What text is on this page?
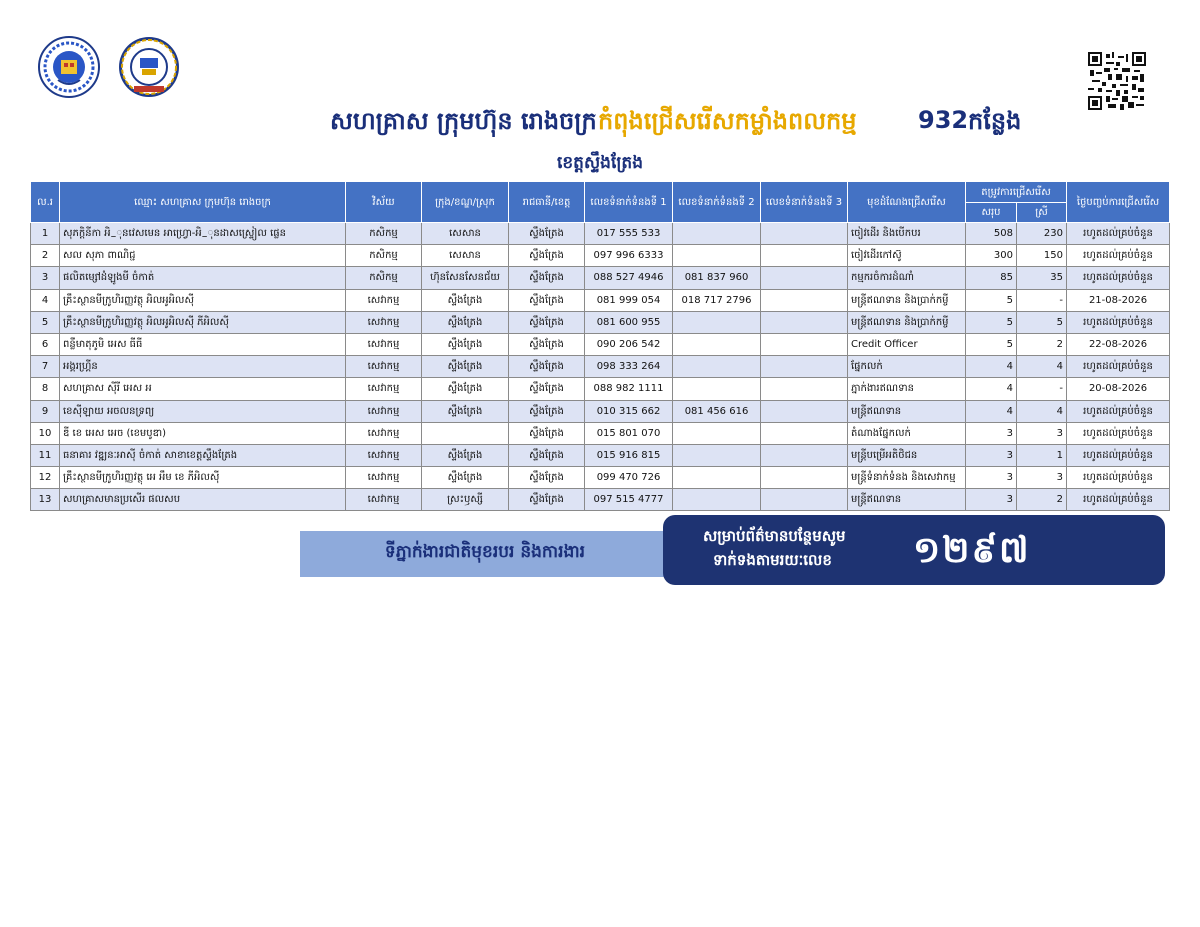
សហគ្រាស ក្រុមហ៊ុន រោងចក្រ កំពុងជ្រើសរើសកម្លាំងពលកម្ម	932 កន្លែង
ខេត្តស្ទឹងត្រែង
ល.រ	ឈ្មោះ សហគ្រាស ក្រុមហ៊ុន រោងចក្រ	វិស័យ	ក្រុង/ខណ្ឌ/ស្រុក	រាជធានី/ខេត្ត	លេខទំនាក់ទំនងទី 1	លេខទំនាក់ទំនងទី 2	លេខទំនាក់ទំនងទី 3	មុខដំណែងជ្រើសរើស	តម្រូវការជ្រើសរើស		ថ្ងៃបញ្ចប់ការជ្រើសរើស
									សរុប	ស្រី	
1	សុភក្តិនីកា អិ_ុនវេសមេន អាហ្វ្រោ-អិ_ុនដាសស្ទ្រៀល ផ្លេន	កសិកម្ម	សេសាន	ស្ទឹងត្រែង	017 555 533			ចៀវដើរ និងបើកបរ	508	230	រហូតដល់គ្រប់ចំនួន
2	សល សុភា ពាណិជ្ជ	កសិកម្ម	សេសាន	ស្ទឹងត្រែង	097 996 6333			ចៀវដើរកៅស៊ូ	300	150	រហូតដល់គ្រប់ចំនួន
3	ផលិតម្សៅដំឡូងមី ចំកាត់	កសិកម្ម	ហ៊ុនសែនសែនជ័យ	ស្ទឹងត្រែង	088 527 4946	081 837 960		កម្មករចំការដំណាំ	85	35	រហូតដល់គ្រប់ចំនួន
4	គ្រឹះស្ថានមីក្រូហិរញ្ញវត្ថុ អិលអូអិលស៊ី	សេវាកម្ម	ស្ទឹងត្រែង	ស្ទឹងត្រែង	081 999 054	018 717 2796		មន្ត្រីឥណទាន និងប្រាក់កម្ចី	5	-	21-08-2026
5	គ្រឹះស្ថានមីក្រូហិរញ្ញវត្ថុ អិលអូអិលស៊ី ភីអិលស៊ី	សេវាកម្ម	ស្ទឹងត្រែង	ស្ទឹងត្រែង	081 600 955			មន្ត្រីឥណទាន និងប្រាក់កម្ចី	5	5	រហូតដល់គ្រប់ចំនួន
6	ពន្លឺមាតុភូមិ អេស ធីធី	សេវាកម្ម	ស្ទឹងត្រែង	ស្ទឹងត្រែង	090 206 542			Credit Officer	5	2	22-08-2026
7	អង្គរហ្គ្រីន	សេវាកម្ម	ស្ទឹងត្រែង	ស្ទឹងត្រែង	098 333 264			ផ្នែកលក់	4	4	រហូតដល់គ្រប់ចំនួន
8	សហគ្រាស ស៊ីរី អេស អ	សេវាកម្ម	ស្ទឹងត្រែង	ស្ទឹងត្រែង	088 982 1111			ភ្នាក់ងារឥណទាន	4	-	20-08-2026
9	ខេស៊ីឡាយ អចលនទ្រព្យ	សេវាកម្ម	ស្ទឹងត្រែង	ស្ទឹងត្រែង	010 315 662	081 456 616		មន្ត្រីឥណទាន	4	4	រហូតដល់គ្រប់ចំនួន
10	ឌី ខេ អេស អេច (ខេមបូឌា)	សេវាកម្ម		ស្ទឹងត្រែង	015 801 070			តំណាងផ្នែកលក់	3	3	រហូតដល់គ្រប់ចំនួន
11	ធនាគារ វឌ្ឍនៈអាស៊ី ចំកាត់ សាខាខេត្តស្ទឹងត្រែង	សេវាកម្ម	ស្ទឹងត្រែង	ស្ទឹងត្រែង	015 916 815			មន្ត្រីបម្រើអតិថិជន	3	1	រហូតដល់គ្រប់ចំនួន
12	គ្រឹះស្ថានមីក្រូហិរញ្ញវត្ថុ អេ អឹម ខេ ភីអិលស៊ី	សេវាកម្ម	ស្ទឹងត្រែង	ស្ទឹងត្រែង	099 470 726			មន្ត្រីទំនាក់ទំនង និងសេវាកម្ម	3	3	រហូតដល់គ្រប់ចំនួន
13	សហគ្រាសមានប្រសើរ ផលសប	សេវាកម្ម	ស្រះឫស្សី	ស្ទឹងត្រែង	097 515 4777			មន្ត្រីឥណទាន	3	2	រហូតដល់គ្រប់ចំនួន
ទីភ្នាក់ងារជាតិមុខរបរ និងការងារ
សម្រាប់ព័ត៌មានបន្ថែមសូម
ទាក់ទងតាមរយៈលេខ ១២៩៧
